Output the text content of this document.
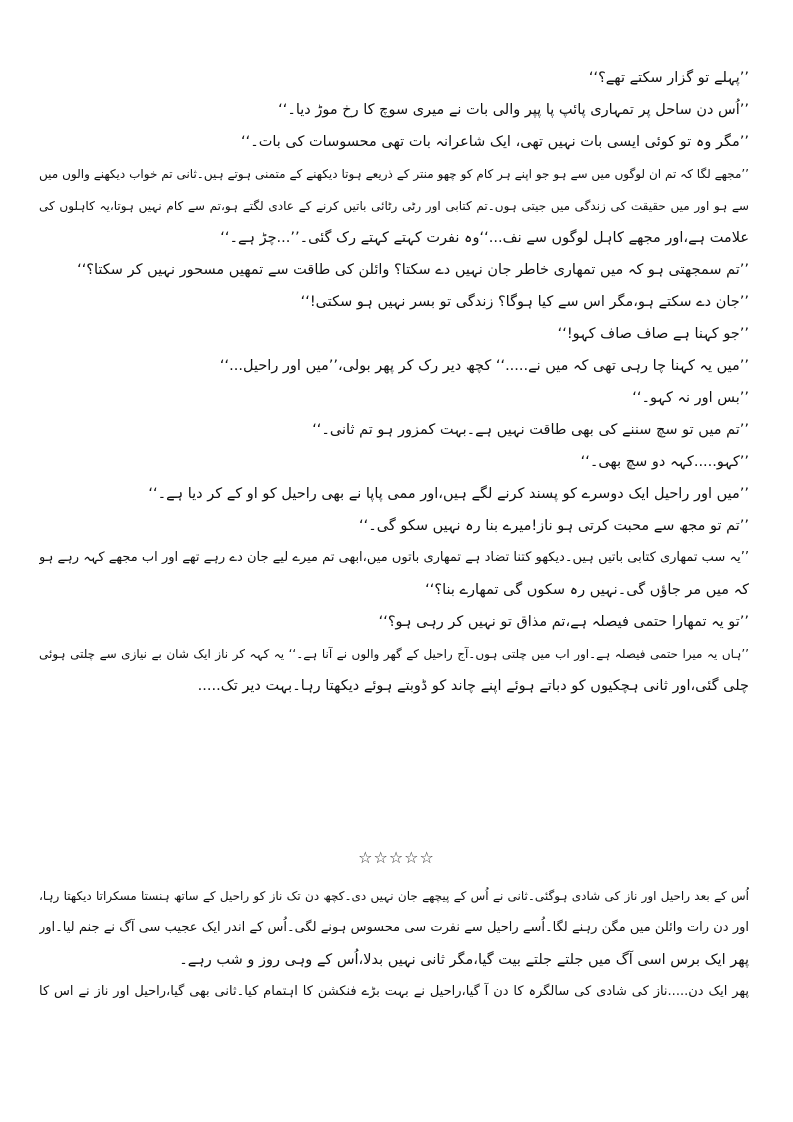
’’پہلے تو گزار سکتے تھے؟‘‘
’’اُس دن ساحل پر تمہاری پائپ پا پپر والی بات نے میری سوچ کا رخ موڑ دیا۔‘‘
’’مگر وہ تو کوئی ایسی بات نہیں تھی، ایک شاعرانہ بات تھی محسوسات کی بات۔‘‘
’’مجھے لگا کہ تم ان لوگوں میں سے ہو جو اپنے ہر کام کو چھو منتر کے ذریعے ہوتا دیکھنے کے متمنی ہوتے ہیں۔ثانی تم خواب دیکھنے والوں میں
سے ہو اور میں حقیقت کی زندگی میں جیتی ہوں۔تم کتابی اور رٹی رٹائی باتیں کرنے کے عادی لگتے ہو،تم سے کام نہیں ہوتا،یہ کاہلوں کی
علامت ہے،اور مجھے کاہل لوگوں سے نف...‘‘وہ نفرت کہتے کہتے رک گئی۔’’...چڑ ہے۔‘‘
’’تم سمجھتی ہو کہ میں تمھاری خاطر جان نہیں دے سکتا؟ وائلن کی طاقت سے تمھیں مسحور نہیں کر سکتا؟‘‘
’’جان دے سکتے ہو،مگر اس سے کیا ہوگا؟ زندگی تو بسر نہیں ہو سکتی!‘‘
’’جو کہنا ہے صاف صاف کہو!‘‘
’’میں یہ کہنا چا رہی تھی کہ میں نے.....‘‘ کچھ دیر رک کر پھر بولی،’’میں اور راحیل...‘‘
’’بس اور نہ کہو۔‘‘
’’تم میں تو سچ سننے کی بھی طاقت نہیں ہے۔بہت کمزور ہو تم ثانی۔‘‘
’’کہو.....کہہ دو سچ بھی۔‘‘
’’میں اور راحیل ایک دوسرے کو پسند کرنے لگے ہیں،اور ممی پاپا نے بھی راحیل کو او کے کر دیا ہے۔‘‘
’’تم تو مجھ سے محبت کرتی ہو ناز!میرے بنا رہ نہیں سکو گی۔‘‘
’’یہ سب تمھاری کتابی باتیں ہیں۔دیکھو کتنا تضاد ہے تمھاری باتوں میں،ابھی تم میرے لیے جان دے رہے تھے اور اب مجھے کہہ رہے ہو
کہ میں مر جاؤں گی۔نہیں رہ سکوں گی تمھارے بنا؟‘‘
’’تو یہ تمھارا حتمی فیصلہ ہے،تم مذاق تو نہیں کر رہی ہو؟‘‘
’’ہاں یہ میرا حتمی فیصلہ ہے۔اور اب میں چلتی ہوں۔آج راحیل کے گھر والوں نے آنا ہے۔‘‘ یہ کہہ کر ناز ایک شان بے نیازی سے چلتی ہوئی
چلی گئی،اور ثانی ہچکیوں کو دباتے ہوئے اپنے چاند کو ڈوبتے ہوئے دیکھتا رہا۔بہت دیر تک.....
☆☆☆☆☆
اُس کے بعد راحیل اور ناز کی شادی ہوگئی۔ثانی نے اُس کے پیچھے جان نہیں دی۔کچھ دن تک ناز کو راحیل کے ساتھ ہنستا مسکراتا دیکھتا رہا،
اور دن رات وائلن میں مگن رہنے لگا۔اُسے راحیل سے نفرت سی محسوس ہونے لگی۔اُس کے اندر ایک عجیب سی آگ نے جنم لیا۔اور
پھر ایک برس اسی آگ میں جلتے جلتے بیت گیا،مگر ثانی نہیں بدلا،اُس کے وہی روز و شب رہے۔
پھر ایک دن.....ناز کی شادی کی سالگرہ کا دن آ گیا،راحیل نے بہت بڑے فنکشن کا اہتمام کیا۔ثانی بھی گیا،راحیل اور ناز نے اس کا
